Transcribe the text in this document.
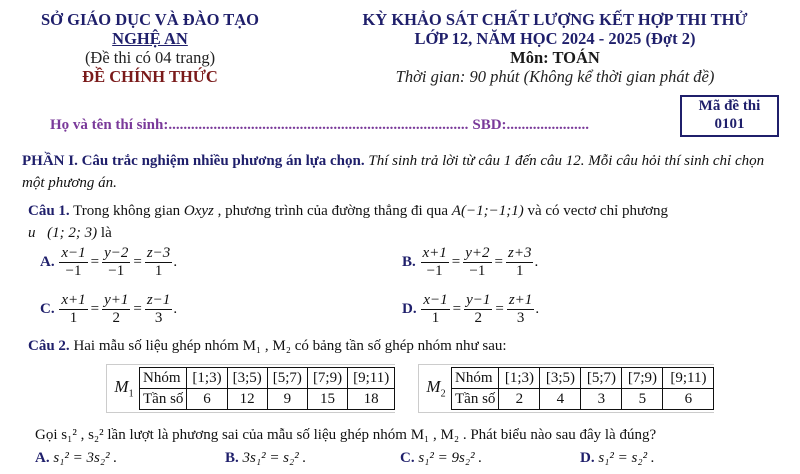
SỞ GIÁO DỤC VÀ ĐÀO TẠO
NGHỆ AN
(Đề thi có 04 trang)
ĐỀ CHÍNH THỨC
KỲ KHẢO SÁT CHẤT LƯỢNG KẾT HỢP THI THỬ
LỚP 12, NĂM HỌC 2024 - 2025 (Đợt 2)
Môn: TOÁN
Thời gian: 90 phút (Không kể thời gian phát đề)
Mã đề thi
0101
Họ và tên thí sinh:................................................................................ SBD:......................
PHẦN I. Câu trắc nghiệm nhiều phương án lựa chọn. Thí sinh trả lời từ câu 1 đến câu 12. Mỗi câu hỏi thí sinh chỉ chọn một phương án.
Câu 1. Trong không gian Oxyz , phương trình của đường thẳng đi qua A(−1;−1;1) và có vectơ chỉ phương
u⃗(1; 2; 3) là
A. $\frac{x-1}{-1} = \frac{y-2}{-1} = \frac{z-3}{1}$ .	B. $\frac{x+1}{-1} = \frac{y+2}{-1} = \frac{z+3}{1}$ .
C. $\frac{x+1}{1} = \frac{y+1}{2} = \frac{z-1}{3}$ .	D. $\frac{x-1}{1} = \frac{y-1}{2} = \frac{z+1}{3}$ .
Câu 2. Hai mẫu số liệu ghép nhóm M₁ , M₂ có bảng tần số ghép nhóm như sau:
$M_1$
Nhóm	[1;3)	[3;5)	[5;7)	[7;9)	[9;11)
Tần số	6	12	9	15	18
$M_2$
Nhóm	[1;3)	[3;5)	[5;7)	[7;9)	[9;11)
Tần số	2	4	3	5	6
Gọi s₁² , s₂² lần lượt là phương sai của mẫu số liệu ghép nhóm M₁ , M₂ . Phát biểu nào sau đây là đúng?
A. s₁² = 3s₂² .	B. 3s₁² = s₂² .	C. s₁² = 9s₂² .	D. s₁² = s₂² .
